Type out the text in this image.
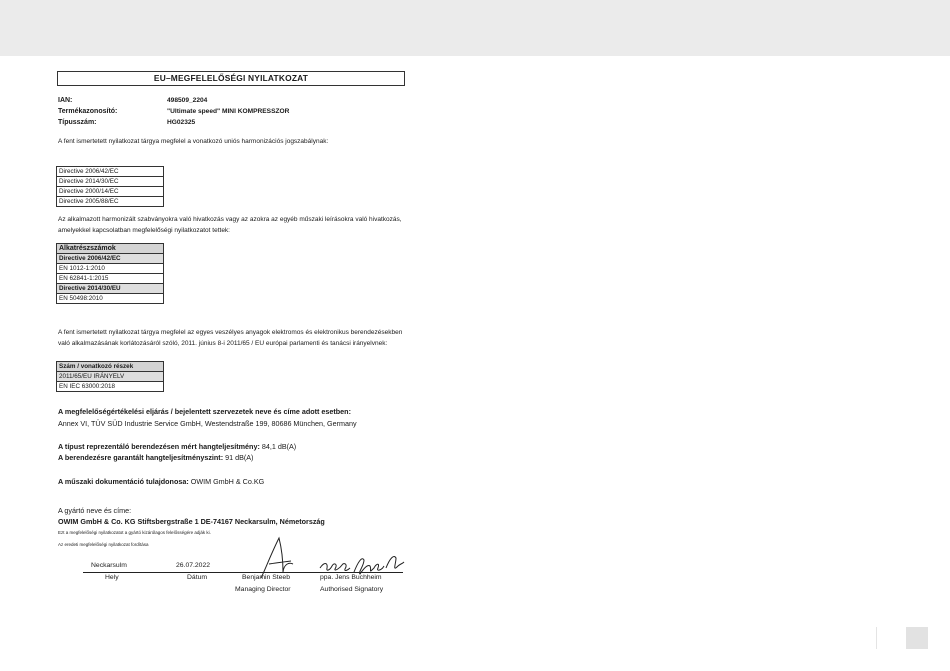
EU–MEGFELELŐSÉGI NYILATKOZAT
IAN:	498509_2204
Termékazonosító:	"Ultimate speed" MINI KOMPRESSZOR
Típusszám:	HG02325
A fent ismertetett nyilatkozat tárgya megfelel a vonatkozó uniós harmonizációs jogszabálynak:
Directive 2006/42/EC
Directive 2014/30/EC
Directive 2000/14/EC
Directive 2005/88/EC
Az alkalmazott harmonizált szabványokra való hivatkozás vagy az azokra az egyéb műszaki leírásokra való hivatkozás, amelyekkel kapcsolatban megfelelőségi nyilatkozatot tettek:
Alkatrészszámok
Directive 2006/42/EC
EN 1012-1:2010
EN 62841-1:2015
Directive 2014/30/EU
EN 50498:2010
A fent ismertetett nyilatkozat tárgya megfelel az egyes veszélyes anyagok elektromos és elektronikus berendezésekben való alkalmazásának korlátozásáról szóló, 2011. június 8-i 2011/65 / EU európai parlamenti és tanácsi irányelvnek:
Szám / vonatkozó részek
2011/65/EU IRÁNYELV
EN IEC 63000:2018
A megfelelőségértékelési eljárás / bejelentett szervezetek neve és címe adott esetben:
Annex VI, TÜV SÜD Industrie Service GmbH, Westendstraße 199, 80686 München, Germany
A típust reprezentáló berendezésen mért hangteljesítmény: 84,1 dB(A)
A berendezésre garantált hangteljesítményszint: 91 dB(A)
A műszaki dokumentáció tulajdonosa: OWIM GmbH & Co.KG
A gyártó neve és címe:
OWIM GmbH & Co. KG Stiftsbergstraße 1 DE-74167 Neckarsulm, Németország
Ezt a megfelelőségi nyilatkozatot a gyártó kizárólagos felelősségére adják ki.
Az eredeti megfelelőségi nyilatkozat fordítása
Neckarsulm	26.07.2022
Hely	Dátum	Benjamin Steeb	ppa. Jens Buchheim
Managing Director	Authorised Signatory
